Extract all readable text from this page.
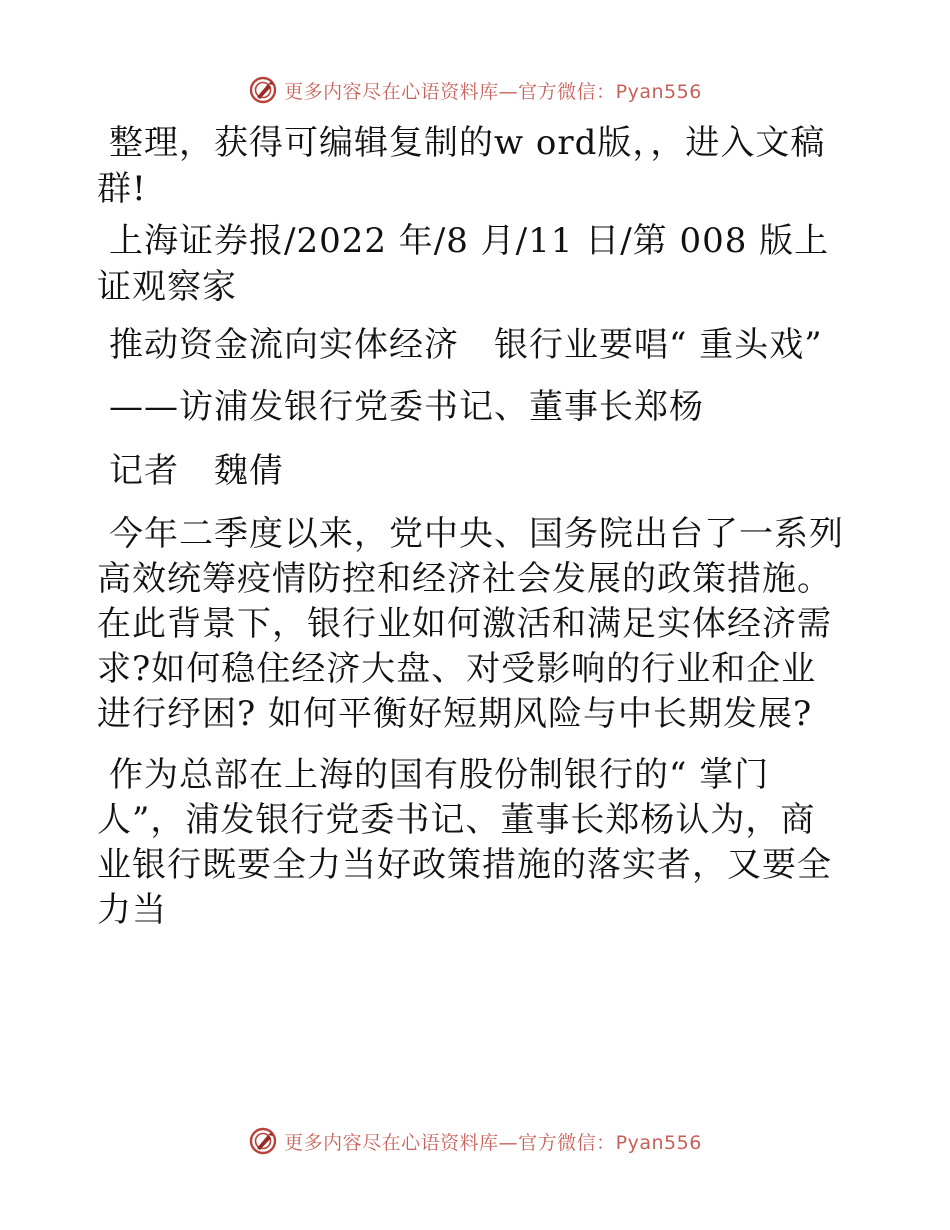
更多内容尽在心语资料库—官方微信：Pyan556

整理，获得可编辑复制的w ord版，，进入文稿群!

上海证券报/2022 年/8 月/11 日/第 008 版上证观察家

推动资金流向实体经济　银行业要唱“ 重头戏”

——访浦发银行党委书记、董事长郑杨

记者　魏倩

今年二季度以来，党中央、国务院出台了一系列高效统筹疫情防控和经济社会发展的政策措施。在此背景下，银行业如何激活和满足实体经济需求?如何稳住经济大盘、对受影响的行业和企业进行纾困? 如何平衡好短期风险与中长期发展?

作为总部在上海的国有股份制银行的“ 掌门人”，浦发银行党委书记、董事长郑杨认为，商业银行既要全力当好政策措施的落实者，又要全力当

更多内容尽在心语资料库—官方微信：Pyan556
